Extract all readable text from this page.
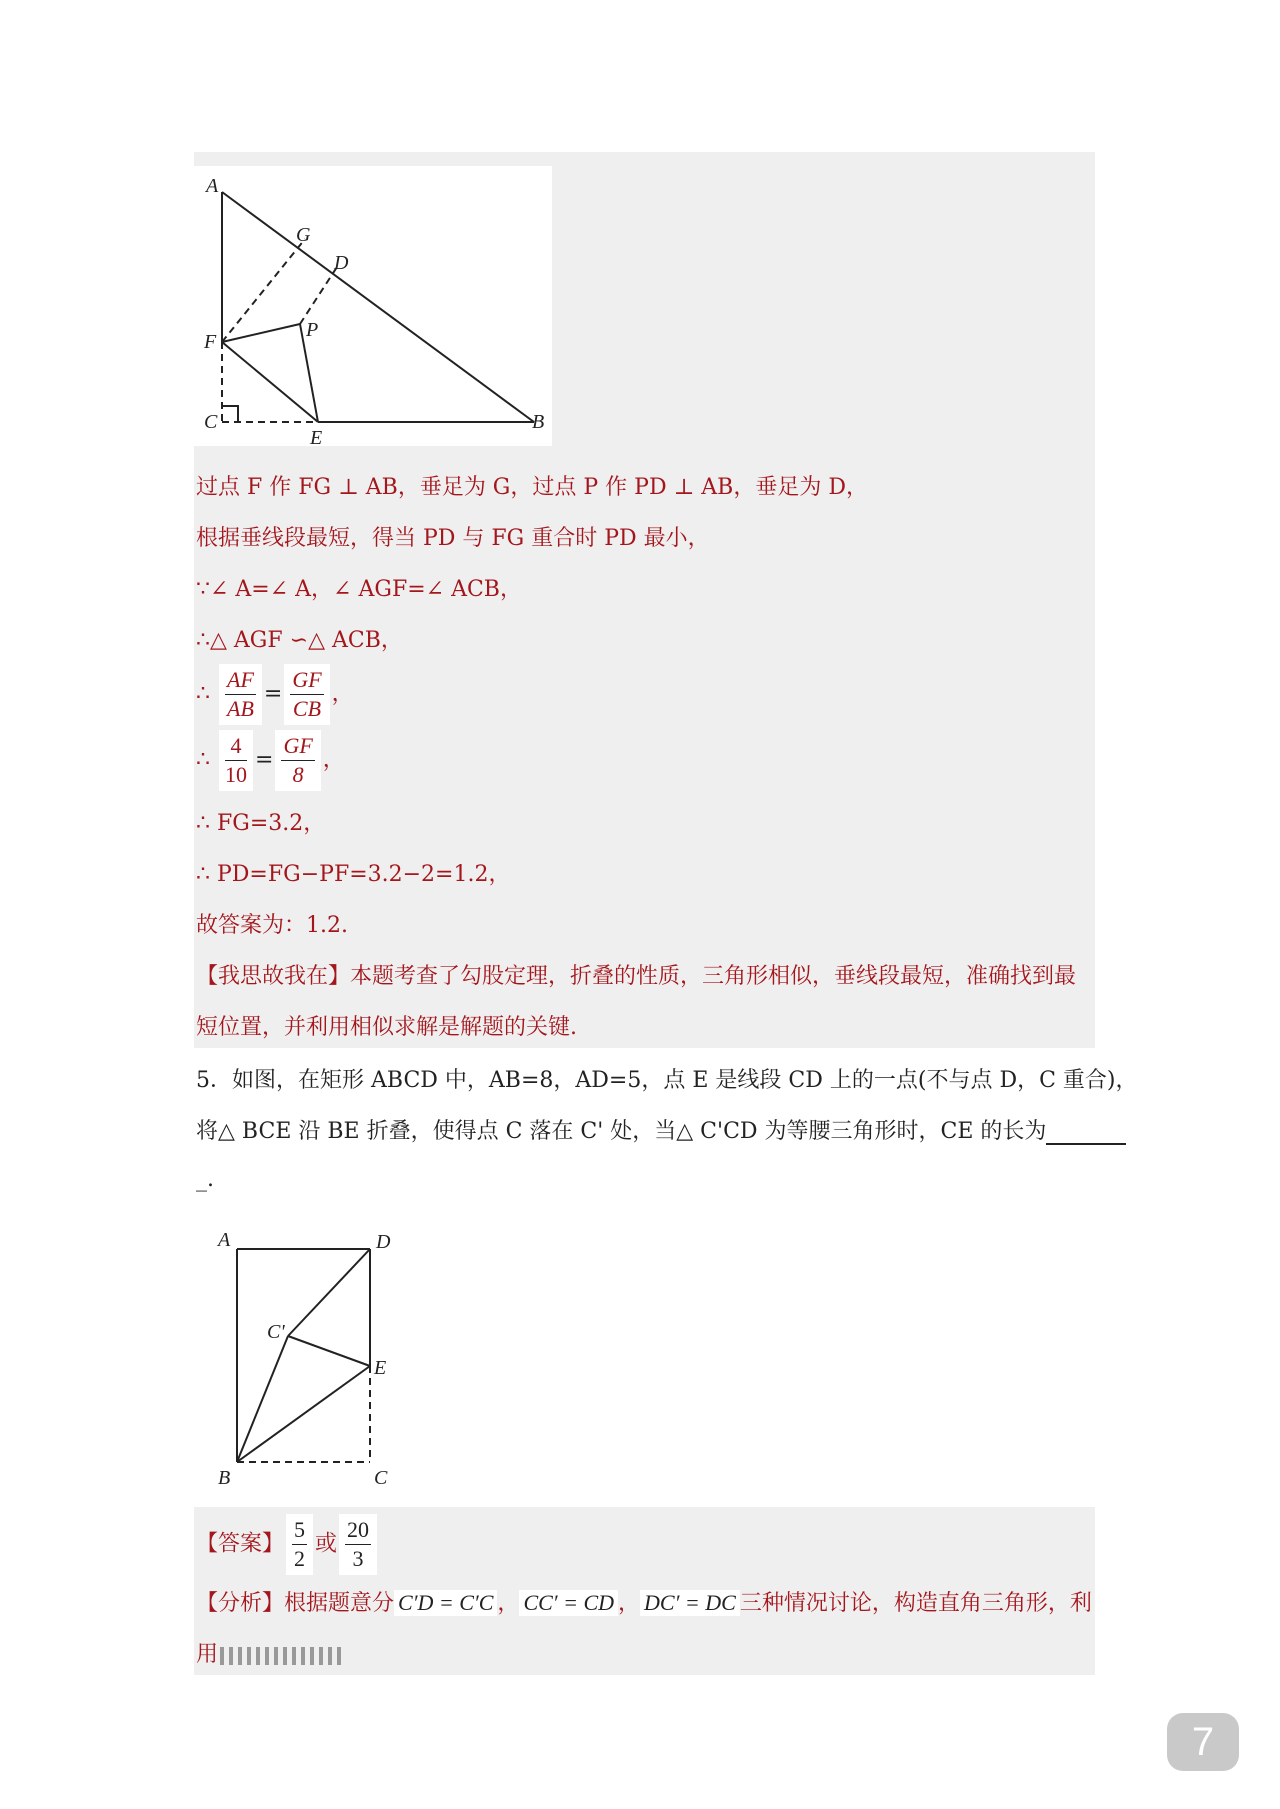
A
G
D
P
F
C
E
B
过点 F 作 FG ⊥ AB，垂足为 G，过点 P 作 PD ⊥ AB，垂足为 D，
根据垂线段最短，得当 PD 与 FG 重合时 PD 最小，
∵∠ A=∠ A，∠ AGF=∠ ACB，
∴△ AGF ∽△ ACB，
∴ $\frac{AF}{AB} = \frac{GF}{CB}$ ，
∴ $\frac{4}{10} = \frac{GF}{8}$ ，
∴ FG=3.2，
∴ PD=FG−PF=3.2−2=1.2，
故答案为：1.2.
【我思故我在】本题考查了勾股定理，折叠的性质，三角形相似，垂线段最短，准确找到最
短位置，并利用相似求解是解题的关键.
5．如图，在矩形 ABCD 中，AB=8，AD=5，点 E 是线段 CD 上的一点(不与点 D，C 重合)，
将△ BCE 沿 BE 折叠，使得点 C 落在 C' 处，当△ C'CD 为等腰三角形时，CE 的长为
_.
A	D
C'
E
B	C
【答案】 $\frac{5}{2}$ 或 $\frac{20}{3}$
【分析】根据题意分 C′D = C′C ， CC′ = CD ， DC′ = DC 三种情况讨论，构造直角三角形，利
用
7
